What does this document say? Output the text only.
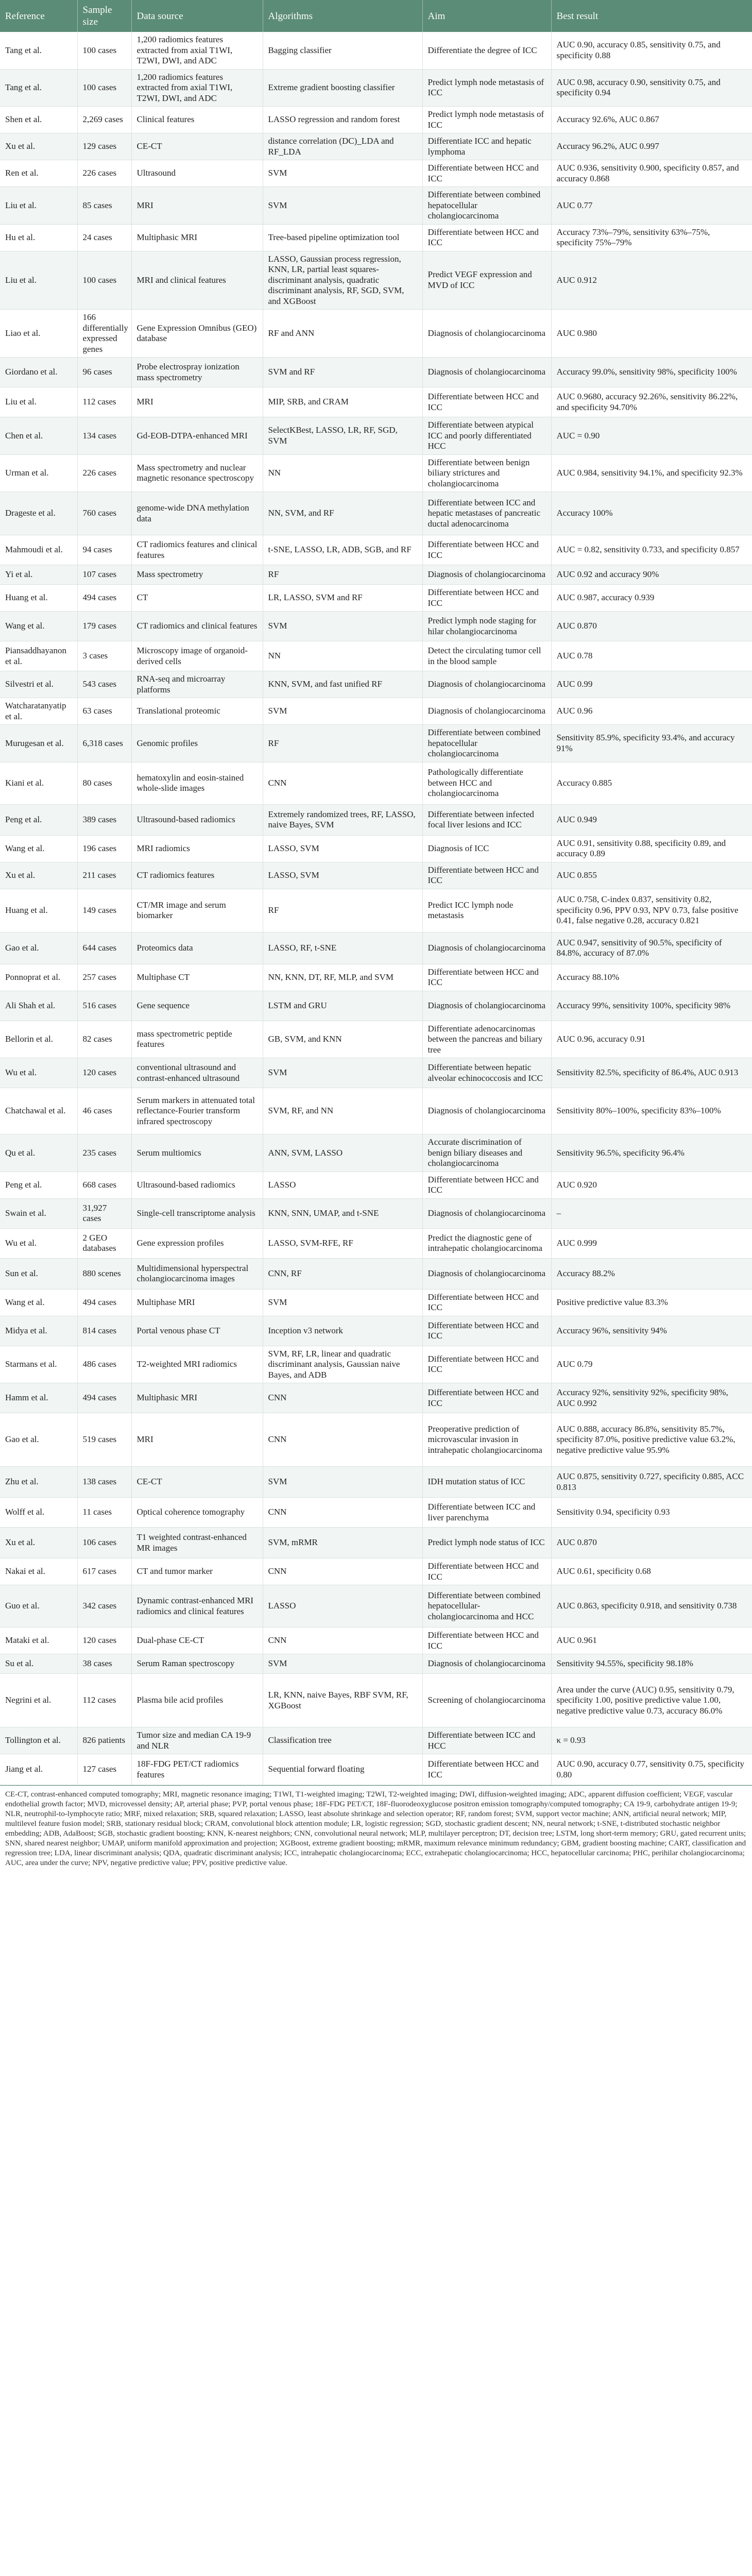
Reference	Sample size	Data source	Algorithms	Aim	Best result
Tang et al.	100 cases	1,200 radiomics features extracted from axial T1WI, T2WI, DWI, and ADC	Bagging classifier	Differentiate the degree of ICC	AUC 0.90, accuracy 0.85, sensitivity 0.75, and specificity 0.88
Tang et al.	100 cases	1,200 radiomics features extracted from axial T1WI, T2WI, DWI, and ADC	Extreme gradient boosting classifier	Predict lymph node metastasis of ICC	AUC 0.98, accuracy 0.90, sensitivity 0.75, and specificity 0.94
Shen et al.	2,269 cases	Clinical features	LASSO regression and random forest	Predict lymph node metastasis of ICC	Accuracy 92.6%, AUC 0.867
Xu et al.	129 cases	CE-CT	distance correlation (DC)_LDA and RF_LDA	Differentiate ICC and hepatic lymphoma	Accuracy 96.2%, AUC 0.997
Ren et al.	226 cases	Ultrasound	SVM	Differentiate between HCC and ICC	AUC 0.936, sensitivity 0.900, specificity 0.857, and accuracy 0.868
Liu et al.	85 cases	MRI	SVM	Differentiate between combined hepatocellular cholangiocarcinoma	AUC 0.77
Hu et al.	24 cases	Multiphasic MRI	Tree-based pipeline optimization tool	Differentiate between HCC and ICC	Accuracy 73%–79%, sensitivity 63%–75%, specificity 75%–79%
Liu et al.	100 cases	MRI and clinical features	LASSO, Gaussian process regression, KNN, LR, partial least squares-discriminant analysis, quadratic discriminant analysis, RF, SGD, SVM, and XGBoost	Predict VEGF expression and MVD of ICC	AUC 0.912
Liao et al.	166 differentially expressed genes	Gene Expression Omnibus (GEO) database	RF and ANN	Diagnosis of cholangiocarcinoma	AUC 0.980
Giordano et al.	96 cases	Probe electrospray ionization mass spectrometry	SVM and RF	Diagnosis of cholangiocarcinoma	Accuracy 99.0%, sensitivity 98%, specificity 100%
Liu et al.	112 cases	MRI	MIP, SRB, and CRAM	Differentiate between HCC and ICC	AUC 0.9680, accuracy 92.26%, sensitivity 86.22%, and specificity 94.70%
Chen et al.	134 cases	Gd-EOB-DTPA-enhanced MRI	SelectKBest, LASSO, LR, RF, SGD, SVM	Differentiate between atypical ICC and poorly differentiated HCC	AUC = 0.90
Urman et al.	226 cases	Mass spectrometry and nuclear magnetic resonance spectroscopy	NN	Differentiate between benign biliary strictures and cholangiocarcinoma	AUC 0.984, sensitivity 94.1%, and specificity 92.3%
Drageste et al.	760 cases	genome-wide DNA methylation data	NN, SVM, and RF	Differentiate between ICC and hepatic metastases of pancreatic ductal adenocarcinoma	Accuracy 100%
Mahmoudi et al.	94 cases	CT radiomics features and clinical features	t-SNE, LASSO, LR, ADB, SGB, and RF	Differentiate between HCC and ICC	AUC = 0.82, sensitivity 0.733, and specificity 0.857
Yi et al.	107 cases	Mass spectrometry	RF	Diagnosis of cholangiocarcinoma	AUC 0.92 and accuracy 90%
Huang et al.	494 cases	CT	LR, LASSO, SVM and RF	Differentiate between HCC and ICC	AUC 0.987, accuracy 0.939
Wang et al.	179 cases	CT radiomics and clinical features	SVM	Predict lymph node staging for hilar cholangiocarcinoma	AUC 0.870
Piansaddhayanon et al.	3 cases	Microscopy image of organoid-derived cells	NN	Detect the circulating tumor cell in the blood sample	AUC 0.78
Silvestri et al.	543 cases	RNA-seq and microarray platforms	KNN, SVM, and fast unified RF	Diagnosis of cholangiocarcinoma	AUC 0.99
Watcharatanyatip et al.	63 cases	Translational proteomic	SVM	Diagnosis of cholangiocarcinoma	AUC 0.96
Murugesan et al.	6,318 cases	Genomic profiles	RF	Differentiate between combined hepatocellular cholangiocarcinoma	Sensitivity 85.9%, specificity 93.4%, and accuracy 91%
Kiani et al.	80 cases	hematoxylin and eosin-stained whole-slide images	CNN	Pathologically differentiate between HCC and cholangiocarcinoma	Accuracy 0.885
Peng et al.	389 cases	Ultrasound-based radiomics	Extremely randomized trees, RF, LASSO, naive Bayes, SVM	Differentiate between infected focal liver lesions and ICC	AUC 0.949
Wang et al.	196 cases	MRI radiomics	LASSO, SVM	Diagnosis of ICC	AUC 0.91, sensitivity 0.88, specificity 0.89, and accuracy 0.89
Xu et al.	211 cases	CT radiomics features	LASSO, SVM	Differentiate between HCC and ICC	AUC 0.855
Huang et al.	149 cases	CT/MR image and serum biomarker	RF	Predict ICC lymph node metastasis	AUC 0.758, C-index 0.837, sensitivity 0.82, specificity 0.96, PPV 0.93, NPV 0.73, false positive 0.41, false negative 0.28, accuracy 0.821
Gao et al.	644 cases	Proteomics data	LASSO, RF, t-SNE	Diagnosis of cholangiocarcinoma	AUC 0.947, sensitivity of 90.5%, specificity of 84.8%, accuracy of 87.0%
Ponnoprat et al.	257 cases	Multiphase CT	NN, KNN, DT, RF, MLP, and SVM	Differentiate between HCC and ICC	Accuracy 88.10%
Ali Shah et al.	516 cases	Gene sequence	LSTM and GRU	Diagnosis of cholangiocarcinoma	Accuracy 99%, sensitivity 100%, specificity 98%
Bellorin et al.	82 cases	mass spectrometric peptide features	GB, SVM, and KNN	Differentiate adenocarcinomas between the pancreas and biliary tree	AUC 0.96, accuracy 0.91
Wu et al.	120 cases	conventional ultrasound and contrast-enhanced ultrasound	SVM	Differentiate between hepatic alveolar echinococcosis and ICC	Sensitivity 82.5%, specificity of 86.4%, AUC 0.913
Chatchawal et al.	46 cases	Serum markers in attenuated total reflectance-Fourier transform infrared spectroscopy	SVM, RF, and NN	Diagnosis of cholangiocarcinoma	Sensitivity 80%–100%, specificity 83%–100%
Qu et al.	235 cases	Serum multiomics	ANN, SVM, LASSO	Accurate discrimination of benign biliary diseases and cholangiocarcinoma	Sensitivity 96.5%, specificity 96.4%
Peng et al.	668 cases	Ultrasound-based radiomics	LASSO	Differentiate between HCC and ICC	AUC 0.920
Swain et al.	31,927 cases	Single-cell transcriptome analysis	KNN, SNN, UMAP, and t-SNE	Diagnosis of cholangiocarcinoma	–
Wu et al.	2 GEO databases	Gene expression profiles	LASSO, SVM-RFE, RF	Predict the diagnostic gene of intrahepatic cholangiocarcinoma	AUC 0.999
Sun et al.	880 scenes	Multidimensional hyperspectral cholangiocarcinoma images	CNN, RF	Diagnosis of cholangiocarcinoma	Accuracy 88.2%
Wang et al.	494 cases	Multiphase MRI	SVM	Differentiate between HCC and ICC	Positive predictive value 83.3%
Midya et al.	814 cases	Portal venous phase CT	Inception v3 network	Differentiate between HCC and ICC	Accuracy 96%, sensitivity 94%
Starmans et al.	486 cases	T2-weighted MRI radiomics	SVM, RF, LR, linear and quadratic discriminant analysis, Gaussian naive Bayes, and ADB	Differentiate between HCC and ICC	AUC 0.79
Hamm et al.	494 cases	Multiphasic MRI	CNN	Differentiate between HCC and ICC	Accuracy 92%, sensitivity 92%, specificity 98%, AUC 0.992
Gao et al.	519 cases	MRI	CNN	Preoperative prediction of microvascular invasion in intrahepatic cholangiocarcinoma	AUC 0.888, accuracy 86.8%, sensitivity 85.7%, specificity 87.0%, positive predictive value 63.2%, negative predictive value 95.9%
Zhu et al.	138 cases	CE-CT	SVM	IDH mutation status of ICC	AUC 0.875, sensitivity 0.727, specificity 0.885, ACC 0.813
Wolff et al.	11 cases	Optical coherence tomography	CNN	Differentiate between ICC and liver parenchyma	Sensitivity 0.94, specificity 0.93
Xu et al.	106 cases	T1 weighted contrast-enhanced MR images	SVM, mRMR	Predict lymph node status of ICC	AUC 0.870
Nakai et al.	617 cases	CT and tumor marker	CNN	Differentiate between HCC and ICC	AUC 0.61, specificity 0.68
Guo et al.	342 cases	Dynamic contrast-enhanced MRI radiomics and clinical features	LASSO	Differentiate between combined hepatocellular-cholangiocarcinoma and HCC	AUC 0.863, specificity 0.918, and sensitivity 0.738
Mataki et al.	120 cases	Dual-phase CE-CT	CNN	Differentiate between HCC and ICC	AUC 0.961
Su et al.	38 cases	Serum Raman spectroscopy	SVM	Diagnosis of cholangiocarcinoma	Sensitivity 94.55%, specificity 98.18%
Negrini et al.	112 cases	Plasma bile acid profiles	LR, KNN, naive Bayes, RBF SVM, RF, XGBoost	Screening of cholangiocarcinoma	Area under the curve (AUC) 0.95, sensitivity 0.79, specificity 1.00, positive predictive value 1.00, negative predictive value 0.73, accuracy 86.0%
Tollington et al.	826 patients	Tumor size and median CA 19-9 and NLR	Classification tree	Differentiate between ICC and HCC	κ = 0.93
Jiang et al.	127 cases	18F-FDG PET/CT radiomics features	Sequential forward floating	Differentiate between HCC and ICC	AUC 0.90, accuracy 0.77, sensitivity 0.75, specificity 0.80
CE-CT, contrast-enhanced computed tomography; MRI, magnetic resonance imaging; T1WI, T1-weighted imaging; T2WI, T2-weighted imaging; DWI, diffusion-weighted imaging; ADC, apparent diffusion coefficient; VEGF, vascular endothelial growth factor; MVD, microvessel density; AP, arterial phase; PVP, portal venous phase; 18F-FDG PET/CT, 18F-fluorodeoxyglucose positron emission tomography/computed tomography; CA 19-9, carbohydrate antigen 19-9; NLR, neutrophil-to-lymphocyte ratio; MRF, mixed relaxation; SRB, squared relaxation; LASSO, least absolute shrinkage and selection operator; RF, random forest; SVM, support vector machine; ANN, artificial neural network; MIP, multilevel feature fusion model; SRB, stationary residual block; CRAM, convolutional block attention module; LR, logistic regression; SGD, stochastic gradient descent; NN, neural network; t-SNE, t-distributed stochastic neighbor embedding; ADB, AdaBoost; SGB, stochastic gradient boosting; KNN, K-nearest neighbors; CNN, convolutional neural network; MLP, multilayer perceptron; DT, decision tree; LSTM, long short-term memory; GRU, gated recurrent units; SNN, shared nearest neighbor; UMAP, uniform manifold approximation and projection; XGBoost, extreme gradient boosting; mRMR, maximum relevance minimum redundancy; GBM, gradient boosting machine; CART, classification and regression tree; LDA, linear discriminant analysis; QDA, quadratic discriminant analysis; ICC, intrahepatic cholangiocarcinoma; ECC, extrahepatic cholangiocarcinoma; HCC, hepatocellular carcinoma; PHC, perihilar cholangiocarcinoma; AUC, area under the curve; NPV, negative predictive value; PPV, positive predictive value.
